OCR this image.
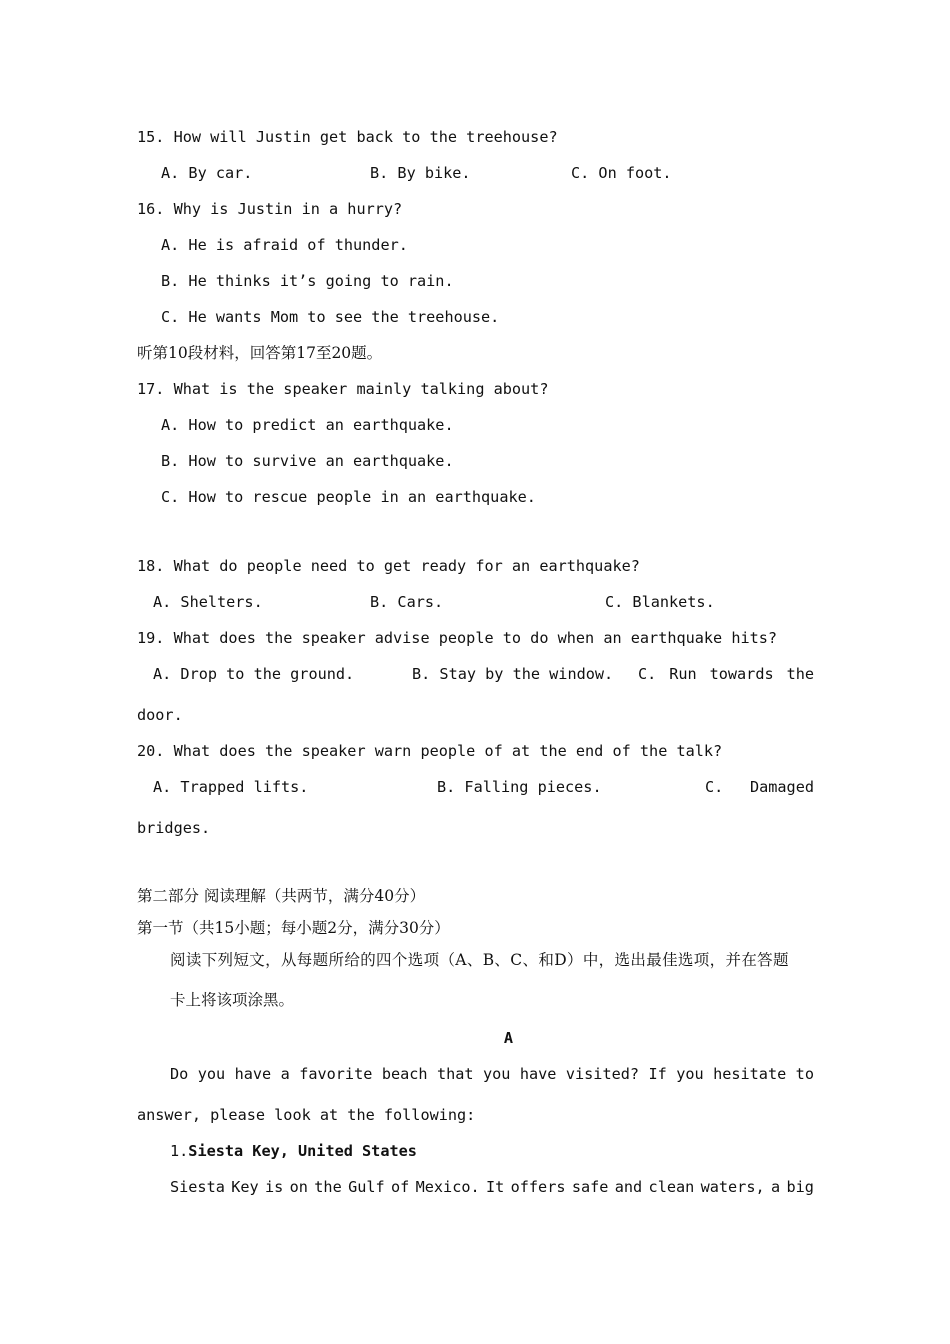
15. How will Justin get back to the treehouse?
A. By car.	B. By bike.	C. On foot.
16. Why is Justin in a hurry?
A. He is afraid of thunder.
B. He thinks it’s going to rain.
C. He wants Mom to see the treehouse.
听第10段材料，回答第17至20题。
17. What is the speaker mainly talking about?
A. How to predict an earthquake.
B. How to survive an earthquake.
C. How to rescue people in an earthquake.
18. What do people need to get ready for an earthquake?
A. Shelters.	B. Cars.	C. Blankets.
19. What does the speaker advise people to do when an earthquake hits?
A. Drop to the ground.	B. Stay by the window. C. Run towards the
door.
20. What does the speaker warn people of at the end of the talk?
A. Trapped lifts.	B. Falling pieces.	C. Damaged
bridges.
第二部分 阅读理解（共两节，满分40分）
第一节（共15小题；每小题2分，满分30分）
阅读下列短文，从每题所给的四个选项（A、B、C、和D）中，选出最佳选项，并在答题
卡上将该项涂黑。
A
Do you have a favorite beach that you have visited? If you hesitate to
answer, please look at the following:
1.Siesta Key, United States
Siesta Key is on the Gulf of Mexico. It offers safe and clean waters, a big
